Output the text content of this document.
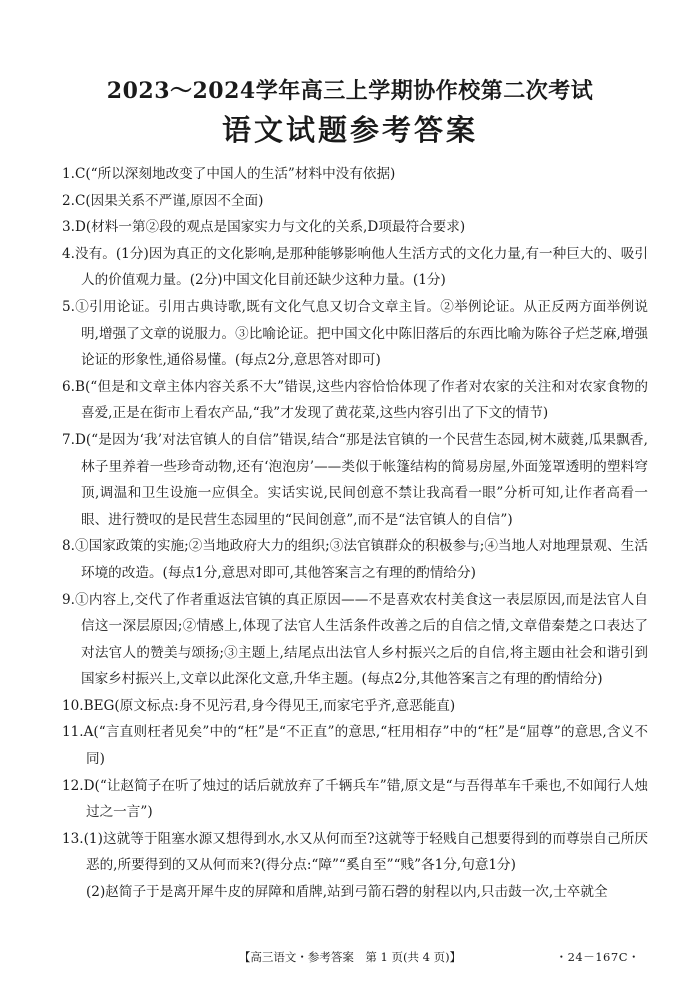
2023～2024学年高三上学期协作校第二次考试
语文试题参考答案
1.C(“所以深刻地改变了中国人的生活”材料中没有依据)
2.C(因果关系不严谨,原因不全面)
3.D(材料一第②段的观点是国家实力与文化的关系,D项最符合要求)
4.没有。(1分)因为真正的文化影响,是那种能够影响他人生活方式的文化力量,有一种巨大的、吸引人的价值观力量。(2分)中国文化目前还缺少这种力量。(1分)
5.①引用论证。引用古典诗歌,既有文化气息又切合文章主旨。②举例论证。从正反两方面举例说明,增强了文章的说服力。③比喻论证。把中国文化中陈旧落后的东西比喻为陈谷子烂芝麻,增强论证的形象性,通俗易懂。(每点2分,意思答对即可)
6.B(“但是和文章主体内容关系不大”错误,这些内容恰恰体现了作者对农家的关注和对农家食物的喜爱,正是在街市上看农产品,“我”才发现了黄花菜,这些内容引出了下文的情节)
7.D(“是因为‘我’对法官镇人的自信”错误,结合“那是法官镇的一个民营生态园,树木葳蕤,瓜果飘香,林子里养着一些珍奇动物,还有‘泡泡房’——类似于帐篷结构的简易房屋,外面笼罩透明的塑料穹顶,调温和卫生设施一应俱全。实话实说,民间创意不禁让我高看一眼”分析可知,让作者高看一眼、进行赞叹的是民营生态园里的“民间创意”,而不是“法官镇人的自信”)
8.①国家政策的实施;②当地政府大力的组织;③法官镇群众的积极参与;④当地人对地理景观、生活环境的改造。(每点1分,意思对即可,其他答案言之有理的酌情给分)
9.①内容上,交代了作者重返法官镇的真正原因——不是喜欢农村美食这一表层原因,而是法官人自信这一深层原因;②情感上,体现了法官人生活条件改善之后的自信之情,文章借秦楚之口表达了对法官人的赞美与颂扬;③主题上,结尾点出法官人乡村振兴之后的自信,将主题由社会和谐引到国家乡村振兴上,文章以此深化文意,升华主题。(每点2分,其他答案言之有理的酌情给分)
10.BEG(原文标点:身不见污君,身今得见王,而家宅乎齐,意恶能直)
11.A(“言直则枉者见矣”中的“枉”是“不正直”的意思,“枉用相存”中的“枉”是“屈尊”的意思,含义不同)
12.D(“让赵简子在听了烛过的话后就放弃了千辆兵车”错,原文是“与吾得革车千乘也,不如闻行人烛过之一言”)
13.(1)这就等于阻塞水源又想得到水,水又从何而至?这就等于轻贱自己想要得到的而尊崇自己所厌恶的,所要得到的又从何而来?(得分点:“障”“奚自至”“贱”各1分,句意1分)
(2)赵简子于是离开犀牛皮的屏障和盾牌,站到弓箭石磬的射程以内,只击鼓一次,士卒就全
【高三语文・参考答案　第 1 页(共 4 页)】	・24－167C・
